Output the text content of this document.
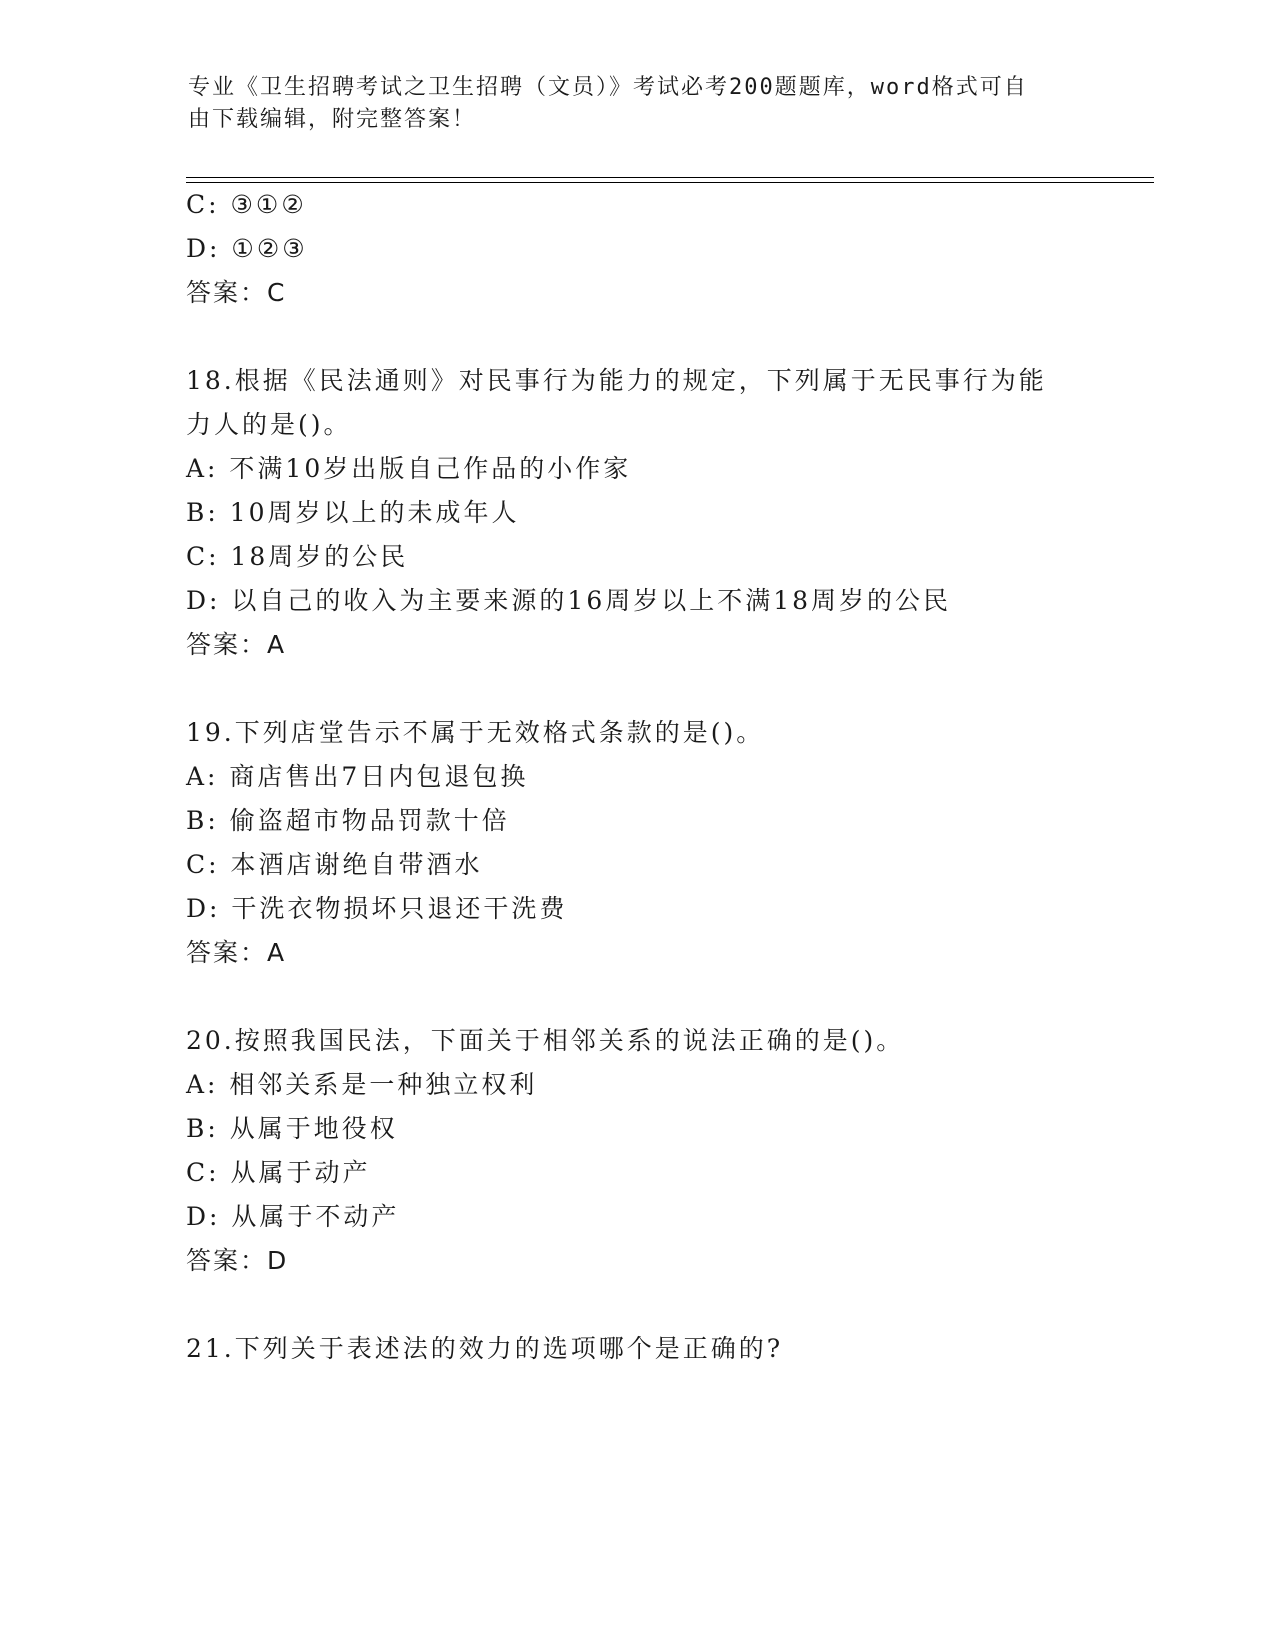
专业《卫生招聘考试之卫生招聘（文员）》考试必考200题题库，word格式可自
由下载编辑，附完整答案！
C: ③①②
D: ①②③
答案：C
18.根据《民法通则》对民事行为能力的规定，下列属于无民事行为能
力人的是()。
A: 不满10岁出版自己作品的小作家
B: 10周岁以上的未成年人
C: 18周岁的公民
D: 以自己的收入为主要来源的16周岁以上不满18周岁的公民
答案：A
19.下列店堂告示不属于无效格式条款的是()。
A: 商店售出7日内包退包换
B: 偷盗超市物品罚款十倍
C: 本酒店谢绝自带酒水
D: 干洗衣物损坏只退还干洗费
答案：A
20.按照我国民法，下面关于相邻关系的说法正确的是()。
A: 相邻关系是一种独立权利
B: 从属于地役权
C: 从属于动产
D: 从属于不动产
答案：D
21.下列关于表述法的效力的选项哪个是正确的?
